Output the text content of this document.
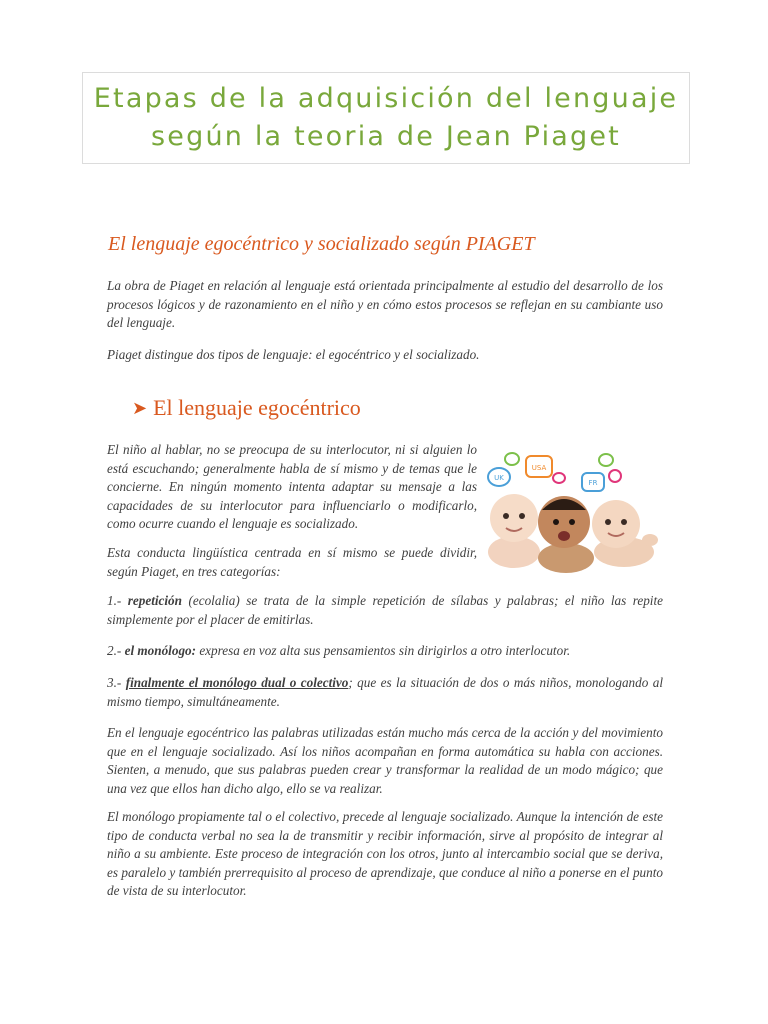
Etapas de la adquisición del lenguaje
según la teoria de Jean Piaget
El lenguaje egocéntrico y socializado según PIAGET

La obra de Piaget en relación al lenguaje está orientada principalmente al estudio del desarrollo de los procesos lógicos y de razonamiento en el niño y en cómo estos procesos se reflejan en su cambiante uso del lenguaje.

Piaget distingue dos tipos de lenguaje: el egocéntrico y el socializado.

➤ El lenguaje egocéntrico

El niño al hablar, no se preocupa de su interlocutor, ni si alguien lo está escuchando; generalmente habla de sí mismo y de temas que le concierne. En ningún momento intenta adaptar su mensaje a las capacidades de su interlocutor para influenciarlo o modificarlo, como ocurre cuando el lenguaje es socializado.

Esta conducta lingüística centrada en sí mismo se puede dividir, según Piaget, en tres categorías:

UK
USA
FR

1.- repetición (ecolalia) se trata de la simple repetición de sílabas y palabras; el niño las repite simplemente por el placer de emitirlas.

2.- el monólogo: expresa en voz alta sus pensamientos sin dirigirlos a otro interlocutor.

3.- finalmente el monólogo dual o colectivo; que es la situación de dos o más niños, monologando al mismo tiempo, simultáneamente.

En el lenguaje egocéntrico las palabras utilizadas están mucho más cerca de la acción y del movimiento que en el lenguaje socializado. Así los niños acompañan en forma automática su habla con acciones. Sienten, a menudo, que sus palabras pueden crear y transformar la realidad de un modo mágico; que una vez que ellos han dicho algo, ello se va realizar.

El monólogo propiamente tal o el colectivo, precede al lenguaje socializado. Aunque la intención de este tipo de conducta verbal no sea la de transmitir y recibir información, sirve al propósito de integrar al niño a su ambiente. Este proceso de integración con los otros, junto al intercambio social que se deriva, es paralelo y también prerrequisito al proceso de aprendizaje, que conduce al niño a ponerse en el punto de vista de su interlocutor.
